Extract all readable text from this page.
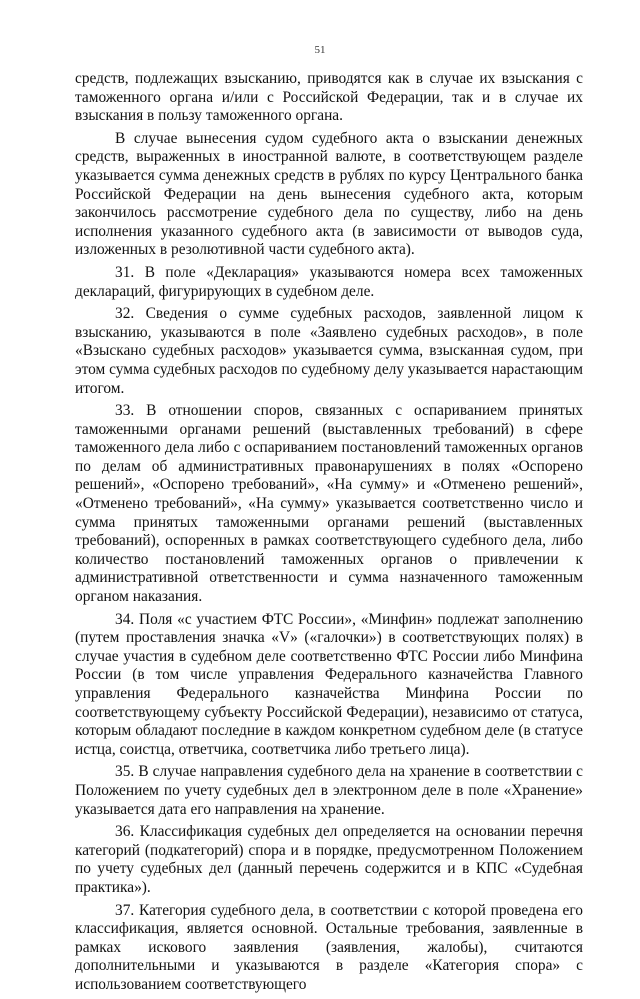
51

средств, подлежащих взысканию, приводятся как в случае их взыскания с таможенного органа и/или с Российской Федерации, так и в случае их взыскания в пользу таможенного органа.

В случае вынесения судом судебного акта о взыскании денежных средств, выраженных в иностранной валюте, в соответствующем разделе указывается сумма денежных средств в рублях по курсу Центрального банка Российской Федерации на день вынесения судебного акта, которым закончилось рассмотрение судебного дела по существу, либо на день исполнения указанного судебного акта (в зависимости от выводов суда, изложенных в резолютивной части судебного акта).

31. В поле «Декларация» указываются номера всех таможенных деклараций, фигурирующих в судебном деле.

32. Сведения о сумме судебных расходов, заявленной лицом к взысканию, указываются в поле «Заявлено судебных расходов», в поле «Взыскано судебных расходов» указывается сумма, взысканная судом, при этом сумма судебных расходов по судебному делу указывается нарастающим итогом.

33. В отношении споров, связанных с оспариванием принятых таможенными органами решений (выставленных требований) в сфере таможенного дела либо с оспариванием постановлений таможенных органов по делам об административных правонарушениях в полях «Оспорено решений», «Оспорено требований», «На сумму» и «Отменено решений», «Отменено требований», «На сумму» указывается соответственно число и сумма принятых таможенными органами решений (выставленных требований), оспоренных в рамках соответствующего судебного дела, либо количество постановлений таможенных органов о привлечении к административной ответственности и сумма назначенного таможенным органом наказания.

34. Поля «с участием ФТС России», «Минфин» подлежат заполнению (путем проставления значка «V» («галочки») в соответствующих полях) в случае участия в судебном деле соответственно ФТС России либо Минфина России (в том числе управления Федерального казначейства Главного управления Федерального казначейства Минфина России по соответствующему субъекту Российской Федерации), независимо от статуса, которым обладают последние в каждом конкретном судебном деле (в статусе истца, соистца, ответчика, соответчика либо третьего лица).

35. В случае направления судебного дела на хранение в соответствии с Положением по учету судебных дел в электронном деле в поле «Хранение» указывается дата его направления на хранение.

36. Классификация судебных дел определяется на основании перечня категорий (подкатегорий) спора и в порядке, предусмотренном Положением по учету судебных дел (данный перечень содержится и в КПС «Судебная практика»).

37. Категория судебного дела, в соответствии с которой проведена его классификация, является основной. Остальные требования, заявленные в рамках искового заявления (заявления, жалобы), считаются дополнительными и указываются в разделе «Категория спора» с использованием соответствующего
